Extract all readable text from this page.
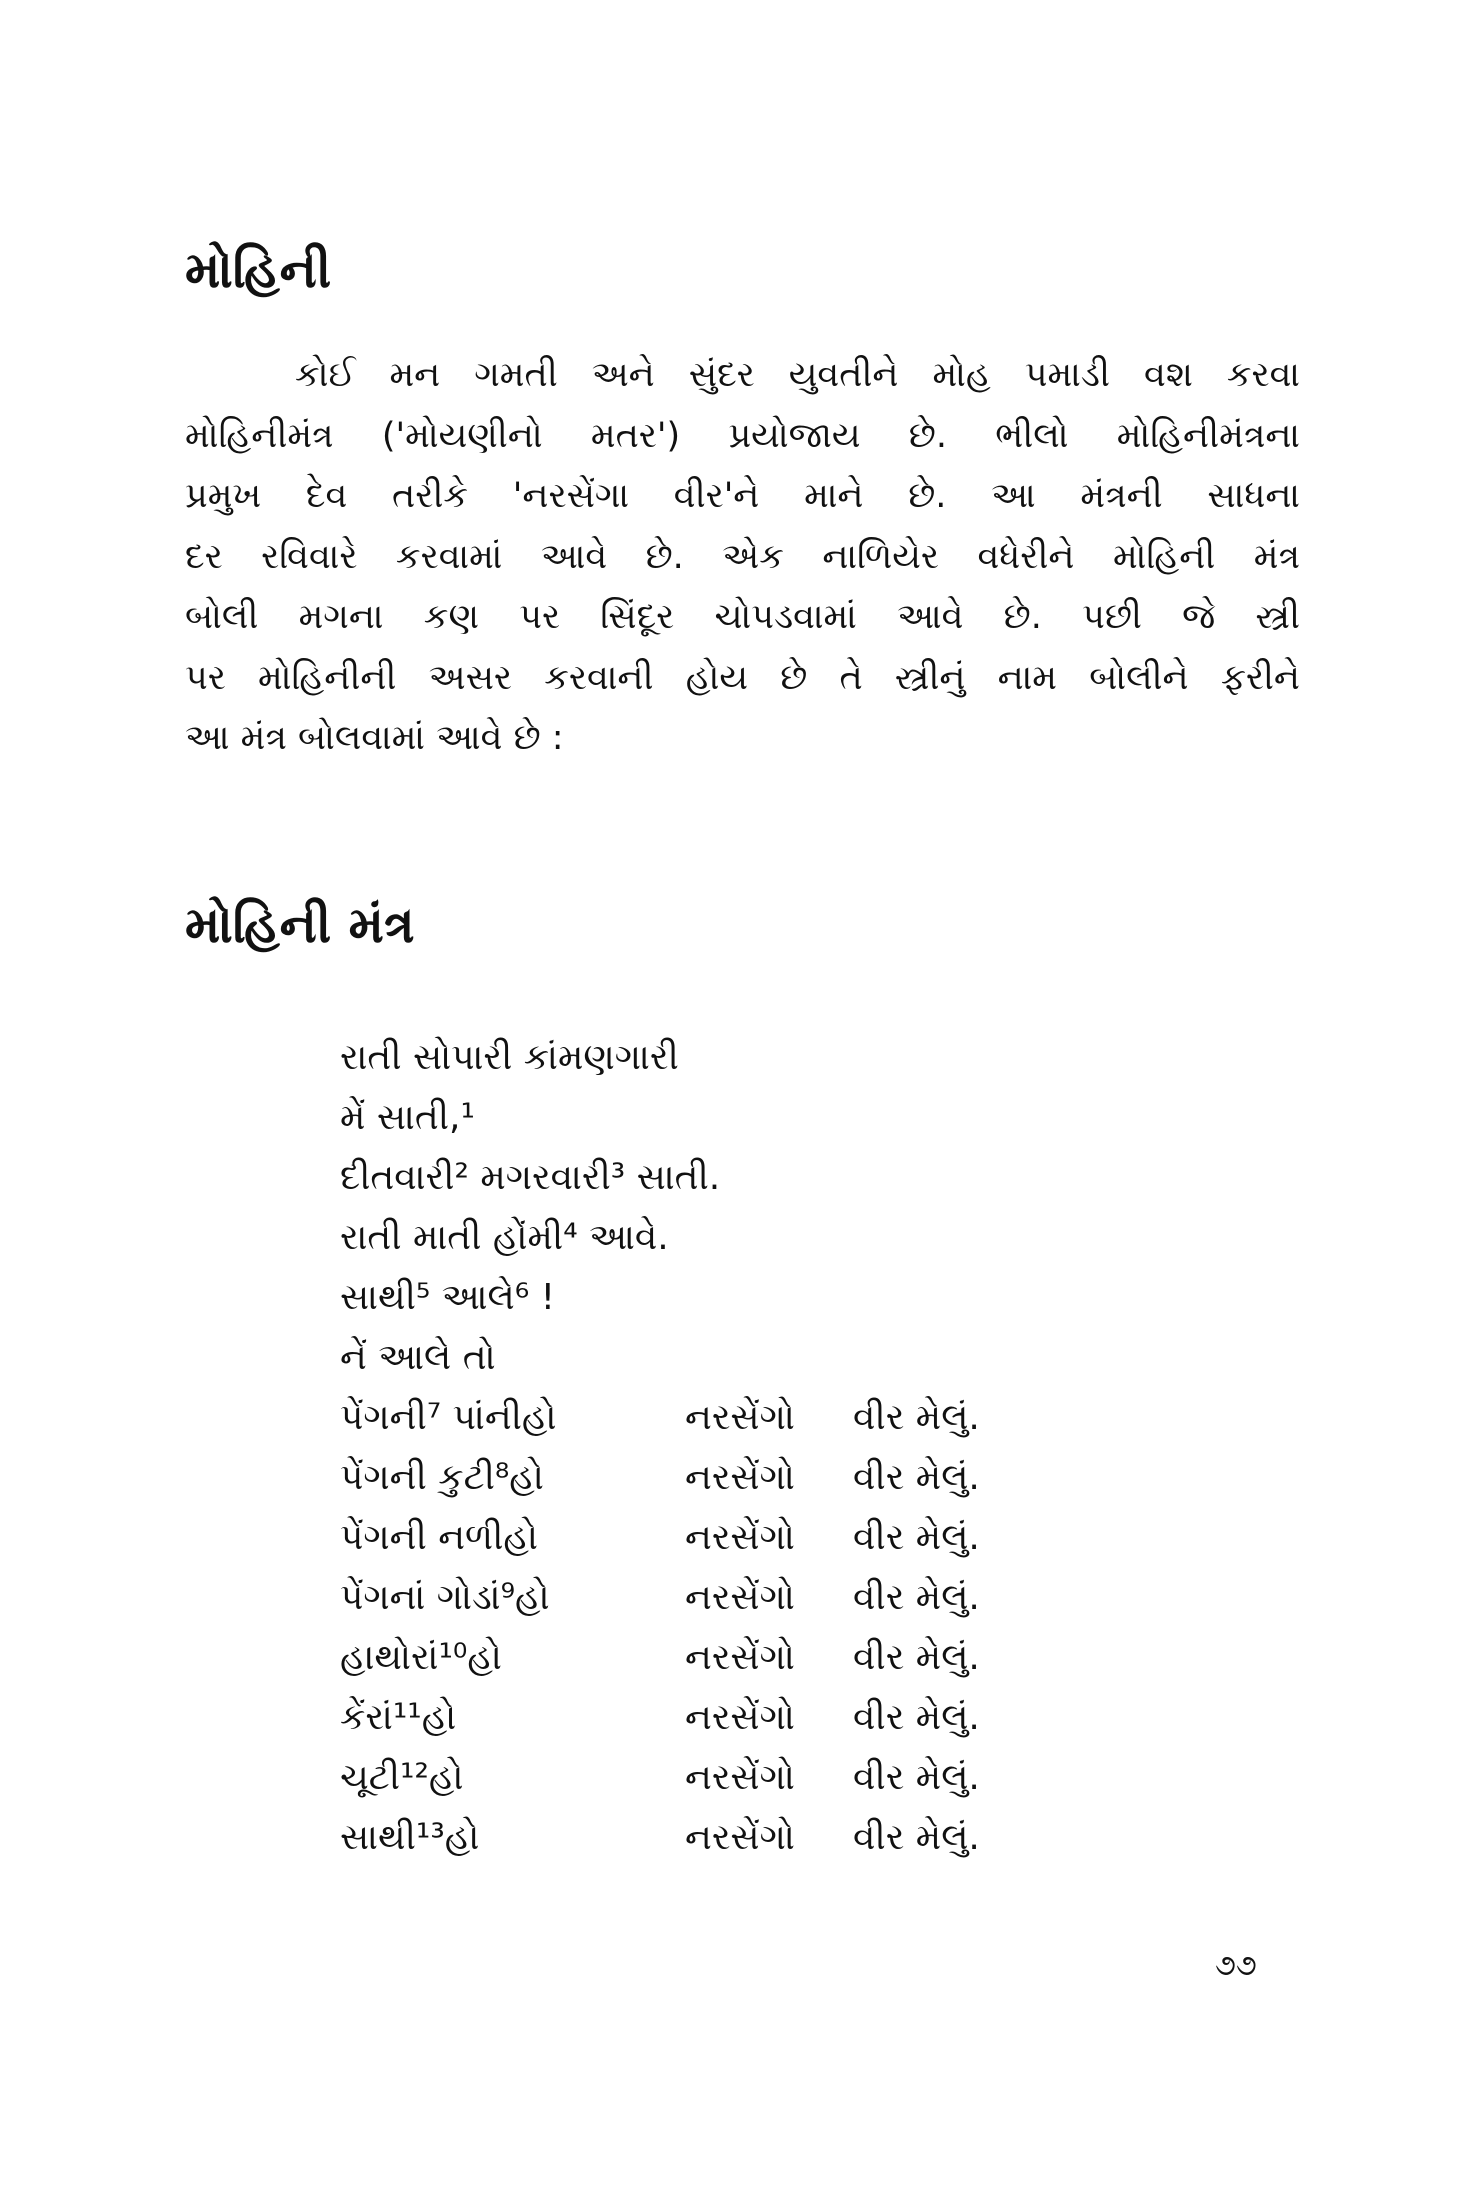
મોહિની
કોઈ મન ગમતી અને સુંદર યુવતીને મોહ પમાડી વશ કરવા
મોહિનીમંત્ર ('મોયણીનો મતર') પ્રયોજાય છે. ભીલો મોહિનીમંત્રના
પ્રમુખ દેવ તરીકે 'નરસેંગા વીર'ને માને છે. આ મંત્રની સાધના
દર રવિવારે કરવામાં આવે છે. એક નાળિયેર વધેરીને મોહિની મંત્ર
બોલી મગના કણ પર સિંદૂર ચોપડવામાં આવે છે. પછી જે સ્ત્રી
પર મોહિનીની અસર કરવાની હોય છે તે સ્ત્રીનું નામ બોલીને ફરીને
આ મંત્ર બોલવામાં આવે છે :
મોહિની મંત્ર
રાતી સોપારી કાંમણગારી
મેં સાતી,¹
દીતવારી² મગરવારી³ સાતી.
રાતી માતી હોંમી⁴ આવે.
સાથી⁵ આલે⁶ !
નેં આલે તો
પેંગની⁷ પાંનીહો	નરસેંગો	વીર મેલું.
પેંગની કુટી⁸હો	નરસેંગો	વીર મેલું.
પેંગની નળીહો	નરસેંગો	વીર મેલું.
પેંગનાં ગોડાં⁹હો	નરસેંગો	વીર મેલું.
હાથોરાં¹⁰હો	નરસેંગો	વીર મેલું.
કેંરાં¹¹હો	નરસેંગો	વીર મેલું.
ચૂટી¹²હો	નરસેંગો	વીર મેલું.
સાથી¹³હો	નરસેંગો	વીર મેલું.
૭૭
